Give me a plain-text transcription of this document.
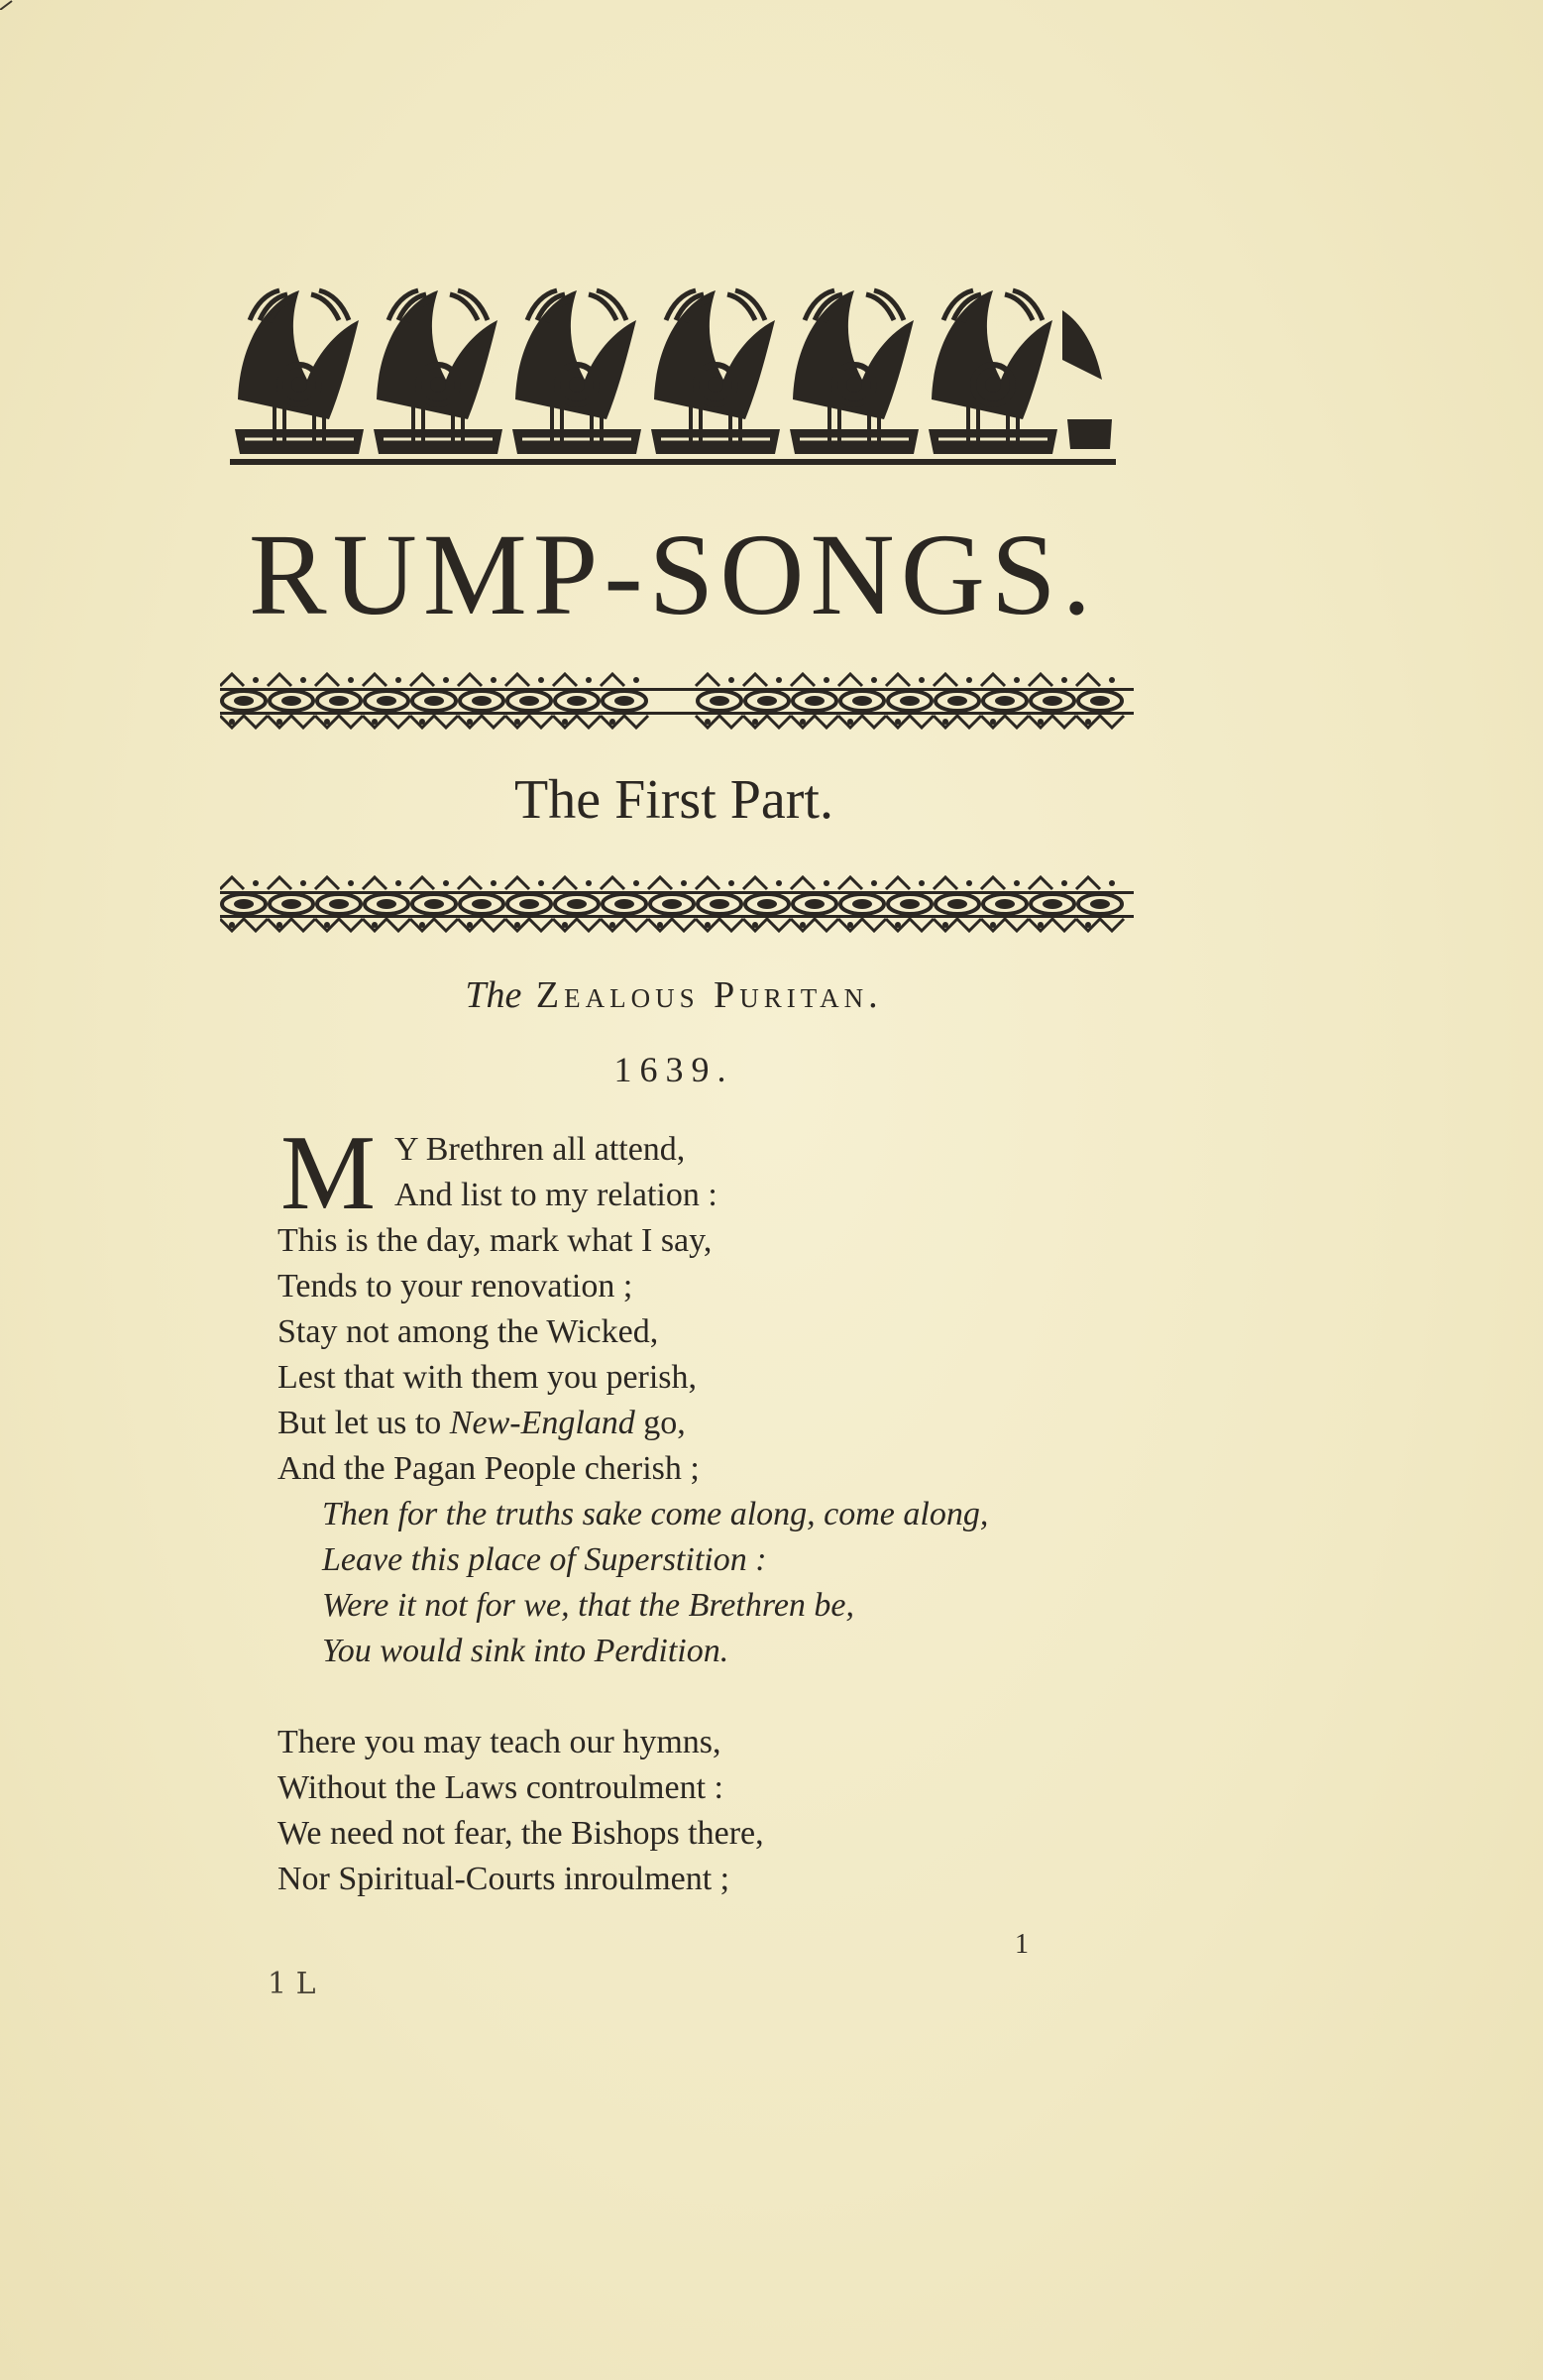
RUMP-SONGS.
The First Part.
The Zealous Puritan.
1639.
M Y Brethren all attend,
And list to my relation :
This is the day, mark what I say,
Tends to your renovation ;
Stay not among the Wicked,
Lest that with them you perish,
But let us to New-England go,
And the Pagan People cherish ;
Then for the truths sake come along, come along,
Leave this place of Superstition :
Were it not for we, that the Brethren be,
You would sink into Perdition.
There you may teach our hymns,
Without the Laws controulment :
We need not fear, the Bishops there,
Nor Spiritual-Courts inroulment ;
1
1 L
